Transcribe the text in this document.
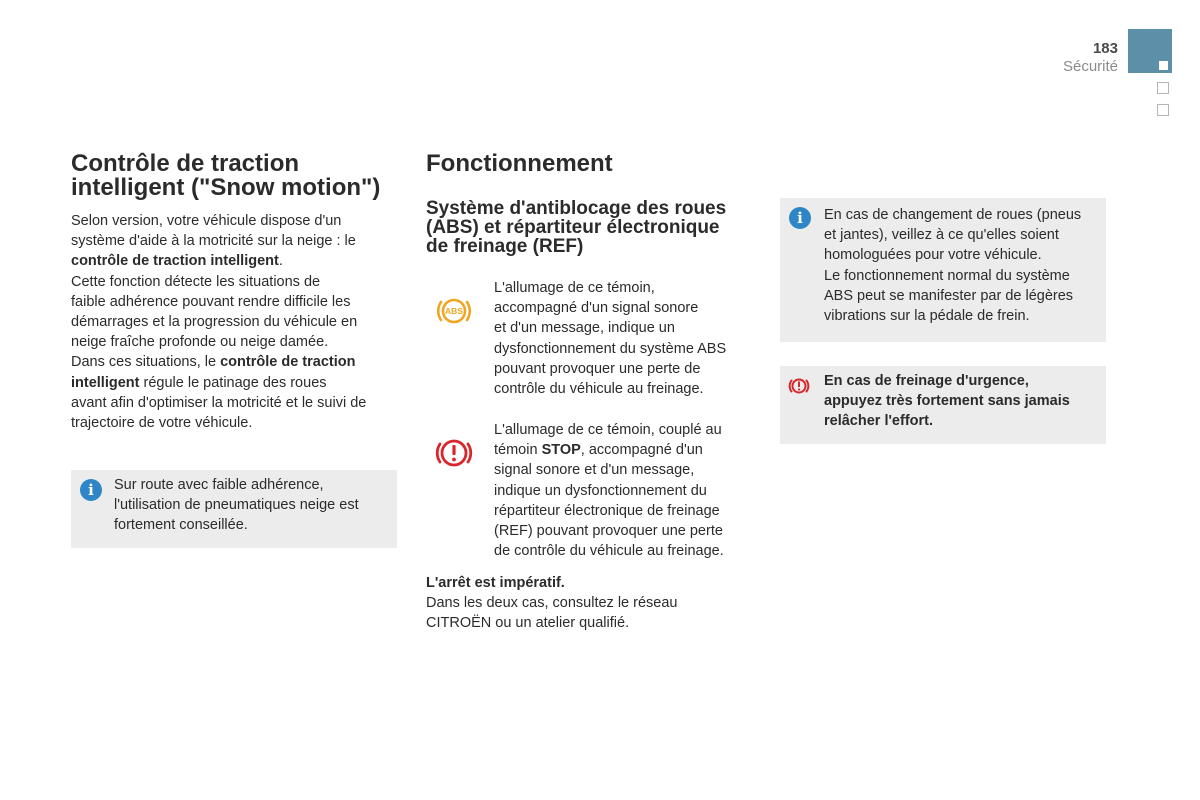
183
Sécurité
Contrôle de traction
intelligent ("Snow motion")
Selon version, votre véhicule dispose d'un
système d'aide à la motricité sur la neige : le
contrôle de traction intelligent.
Cette fonction détecte les situations de
faible adhérence pouvant rendre difficile les
démarrages et la progression du véhicule en
neige fraîche profonde ou neige damée.
Dans ces situations, le contrôle de traction
intelligent régule le patinage des roues
avant afin d'optimiser la motricité et le suivi de
trajectoire de votre véhicule.
i Sur route avec faible adhérence,
l'utilisation de pneumatiques neige est
fortement conseillée.
Fonctionnement
Système d'antiblocage des roues
(ABS) et répartiteur électronique
de freinage (REF)
ABS
L'allumage de ce témoin,
accompagné d'un signal sonore
et d'un message, indique un
dysfonctionnement du système ABS
pouvant provoquer une perte de
contrôle du véhicule au freinage.
L'allumage de ce témoin, couplé au
témoin STOP, accompagné d'un
signal sonore et d'un message,
indique un dysfonctionnement du
répartiteur électronique de freinage
(REF) pouvant provoquer une perte
de contrôle du véhicule au freinage.
L'arrêt est impératif.
Dans les deux cas, consultez le réseau
CITROËN ou un atelier qualifié.
i En cas de changement de roues (pneus
et jantes), veillez à ce qu'elles soient
homologuées pour votre véhicule.
Le fonctionnement normal du système
ABS peut se manifester par de légères
vibrations sur la pédale de frein.
En cas de freinage d'urgence,
appuyez très fortement sans jamais
relâcher l'effort.
